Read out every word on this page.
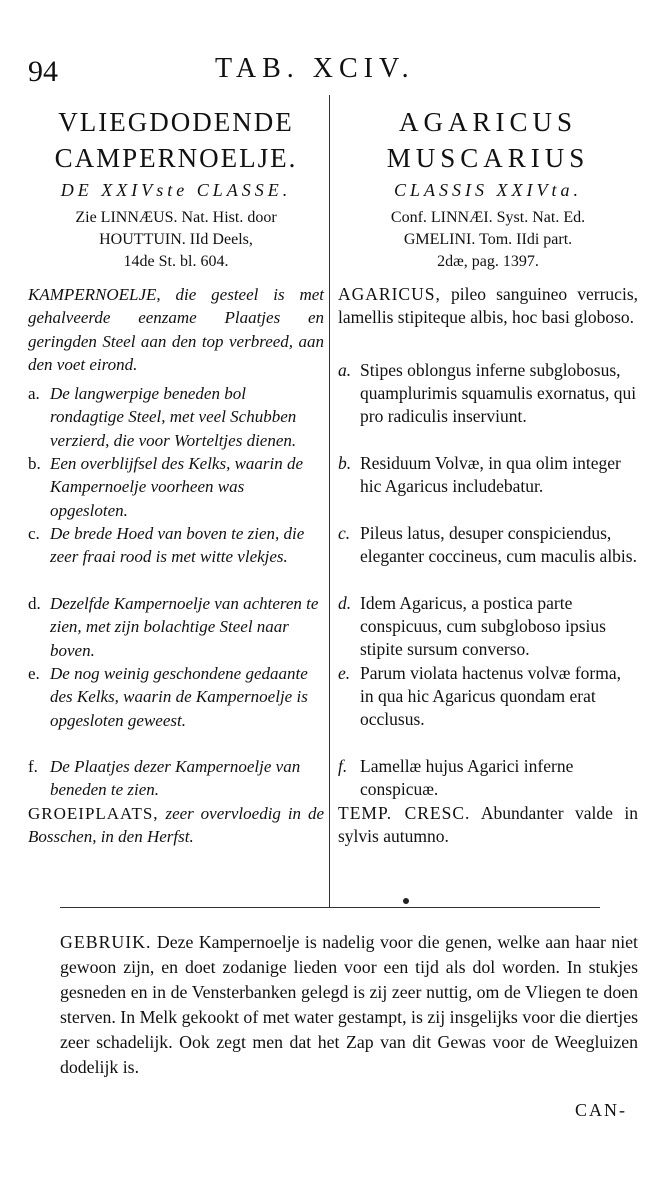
94	TAB. XCIV.
VLIEGDODENDE
CAMPERNOELJE.
DE XXIVste CLASSE.
Zie LINNÆUS. Nat. Hist. door
HOUTTUIN. IId Deels,
14de St. bl. 604.
KAMPERNOELJE, die gesteel is met gehalveerde eenzame Plaatjes en geringden Steel aan den top verbreed, aan den voet eirond.
a. De langwerpige beneden bol rondagtige Steel, met veel Schubben verzierd, die voor Worteltjes dienen.
b. Een overblijfsel des Kelks, waarin de Kampernoelje voorheen was opgesloten.
c. De brede Hoed van boven te zien, die zeer fraai rood is met witte vlekjes.
d. Dezelfde Kampernoelje van achteren te zien, met zijn bolachtige Steel naar boven.
e. De nog weinig geschondene gedaante des Kelks, waarin de Kampernoelje is opgesloten geweest.
f. De Plaatjes dezer Kampernoelje van beneden te zien.
GROEIPLAATS, zeer overvloedig in de Bosschen, in den Herfst.
AGARICUS
MUSCARIUS
CLASSIS XXIVta.
Conf. LINNÆI. Syst. Nat. Ed.
GMELINI. Tom. IIdi part.
2dæ, pag. 1397.
AGARICUS, pileo sanguineo verrucis, lamellis stipiteque albis, hoc basi globoso.
a. Stipes oblongus inferne subglobosus, quamplurimis squamulis exornatus, qui pro radiculis inserviunt.
b. Residuum Volvæ, in qua olim integer hic Agaricus includebatur.
c. Pileus latus, desuper conspiciendus, eleganter coccineus, cum maculis albis.
d. Idem Agaricus, a postica parte conspicuus, cum subgloboso ipsius stipite sursum converso.
e. Parum violata hactenus volvæ forma, in qua hic Agaricus quondam erat occlusus.
f. Lamellæ hujus Agarici inferne conspicuæ.
TEMP. CRESC. Abundanter valde in sylvis autumno.
GEBRUIK. Deze Kampernoelje is nadelig voor die genen, welke aan haar niet gewoon zijn, en doet zodanige lieden voor een tijd als dol worden. In stukjes gesneden en in de Vensterbanken gelegd is zij zeer nuttig, om de Vliegen te doen sterven. In Melk gekookt of met water gestampt, is zij insgelijks voor die diertjes zeer schadelijk. Ook zegt men dat het Zap van dit Gewas voor de Weegluizen dodelijk is.
CAN-
